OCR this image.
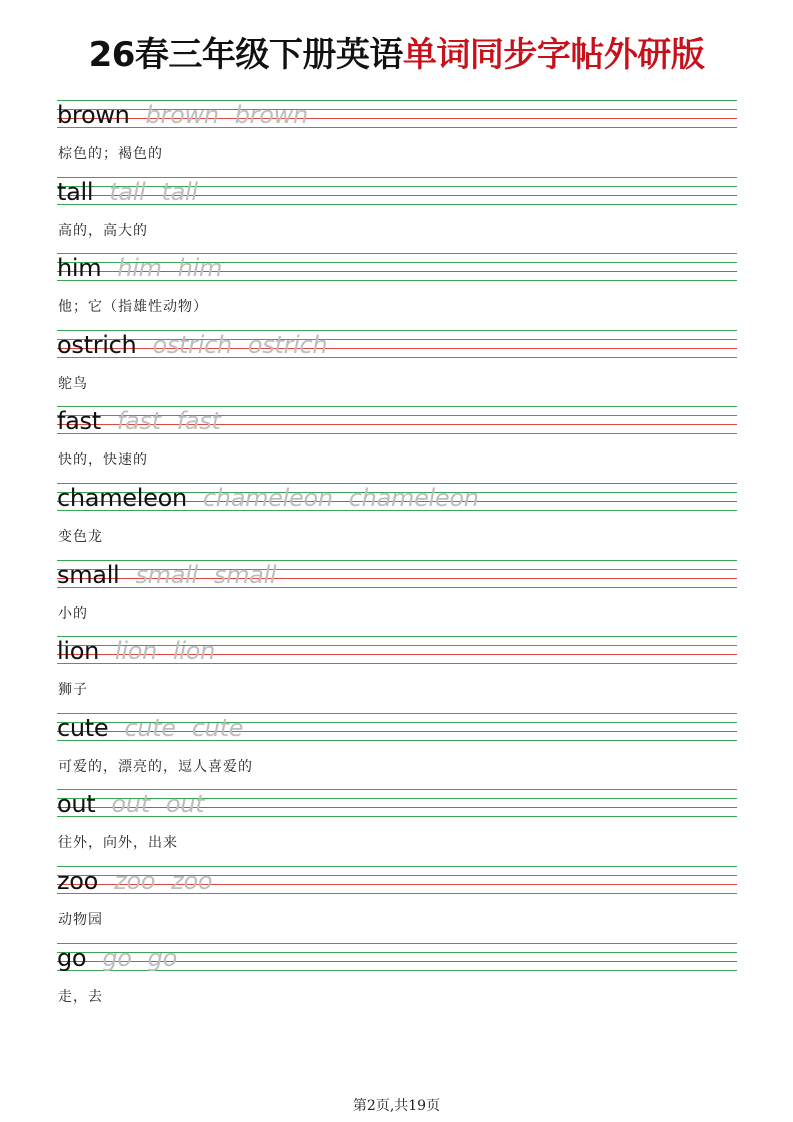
26春三年级下册英语单词同步字帖外研版
brown brown brown
棕色的；褐色的
tall tall tall
高的，高大的
him him him
他；它（指雄性动物）
ostrich ostrich ostrich
鸵鸟
fast fast fast
快的，快速的
chameleon chameleon chameleon
变色龙
small small small
小的
lion lion lion
狮子
cute cute cute
可爱的，漂亮的，逗人喜爱的
out out out
往外，向外，出来
zoo zoo zoo
动物园
go go go
走，去
第2页,共19页
